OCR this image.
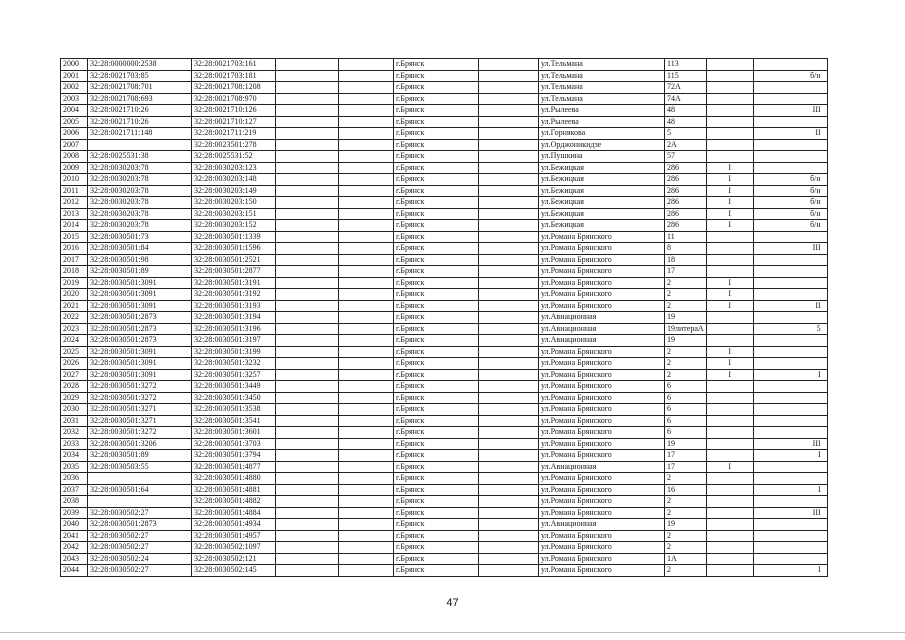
2000	32:28:0000000:2538	32:28:0021703:161			г.Брянск		ул.Тельмана	113		
2001	32:28:0021703:85	32:28:0021703:181			г.Брянск		ул.Тельмана	115		б/н
2002	32:28:0021708:701	32:28:0021708:1208			г.Брянск		ул.Тельмана	72А		
2003	32:28:0021708:693	32:28:0021708:970			г.Брянск		ул.Тельмана	74А		
2004	32:28:0021710:26	32:28:0021710:126			г.Брянск		ул.Рылеева	48		III
2005	32:28:0021710:26	32:28:0021710:127			г.Брянск		ул.Рылеева	48		
2006	32:28:0021711:148	32:28:0021711:219			г.Брянск		ул.Горнякова	5		II
2007		32:28:0023501:278			г.Брянск		ул.Орджоникидзе	2А		
2008	32:28:0025531:38	32:28:0025531:52			г.Брянск		ул.Пушкина	57		
2009	32:28:0030203:78	32:28:0030203:123			г.Брянск		ул.Бежицкая	286	I	
2010	32:28:0030203:78	32:28:0030203:148			г.Брянск		ул.Бежицкая	286	I	б/н
2011	32:28:0030203:78	32:28:0030203:149			г.Брянск		ул.Бежицкая	286	I	б/н
2012	32:28:0030203:78	32:28:0030203:150			г.Брянск		ул.Бежицкая	286	I	б/н
2013	32:28:0030203:78	32:28:0030203:151			г.Брянск		ул.Бежицкая	286	I	б/н
2014	32:28:0030203:78	32:28:0030203:152			г.Брянск		ул.Бежицкая	286	I	б/н
2015	32:28:0030501:73	32:28:0030501:1339			г.Брянск		ул.Романа Брянского	11		
2016	32:28:0030501:84	32:28:0030501:1596			г.Брянск		ул.Романа Брянского	8		III
2017	32:28:0030501:98	32:28:0030501:2521			г.Брянск		ул.Романа Брянского	18		
2018	32:28:0030501:89	32:28:0030501:2877			г.Брянск		ул.Романа Брянского	17		
2019	32:28:0030501:3091	32:28:0030501:3191			г.Брянск		ул.Романа Брянского	2	I	
2020	32:28:0030501:3091	32:28:0030501:3192			г.Брянск		ул.Романа Брянского	2	I	
2021	32:28:0030501:3091	32:28:0030501:3193			г.Брянск		ул.Романа Брянского	2	I	II
2022	32:28:0030501:2873	32:28:0030501:3194			г.Брянск		ул.Авиационная	19		
2023	32:28:0030501:2873	32:28:0030501:3196			г.Брянск		ул.Авиационная	19литераА		5
2024	32:28:0030501:2873	32:28:0030501:3197			г.Брянск		ул.Авиационная	19		
2025	32:28:0030501:3091	32:28:0030501:3199			г.Брянск		ул.Романа Брянского	2	I	
2026	32:28:0030501:3091	32:28:0030501:3232			г.Брянск		ул.Романа Брянского	2	I	
2027	32:28:0030501:3091	32:28:0030501:3257			г.Брянск		ул.Романа Брянского	2	I	I
2028	32:28:0030501:3272	32:28:0030501:3449			г.Брянск		ул.Романа Брянского	6		
2029	32:28:0030501:3272	32:28:0030501:3450			г.Брянск		ул.Романа Брянского	6		
2030	32:28:0030501:3271	32:28:0030501:3538			г.Брянск		ул.Романа Брянского	6		
2031	32:28:0030501:3271	32:28:0030501:3541			г.Брянск		ул.Романа Брянского	6		
2032	32:28:0030501:3272	32:28:0030501:3601			г.Брянск		ул.Романа Брянского	6		
2033	32:28:0030501:3206	32:28:0030501:3703			г.Брянск		ул.Романа Брянского	19		III
2034	32:28:0030501:89	32:28:0030501:3794			г.Брянск		ул.Романа Брянского	17		I
2035	32:28:0030503:55	32:28:0030501:4877			г.Брянск		ул.Авиационная	17	I	
2036		32:28:0030501:4880			г.Брянск		ул.Романа Брянского	2		
2037	32:28:0030501:64	32:28:0030501:4881			г.Брянск		ул.Романа Брянского	16		I
2038		32:28:0030501:4882			г.Брянск		ул.Романа Брянского	2		
2039	32:28:0030502:27	32:28:0030501:4884			г.Брянск		ул.Романа Брянского	2		III
2040	32:28:0030501:2873	32:28:0030501:4934			г.Брянск		ул.Авиационная	19		
2041	32:28:0030502:27	32:28:0030501:4957			г.Брянск		ул.Романа Брянского	2		
2042	32:28:0030502:27	32:28:0030502:1097			г.Брянск		ул.Романа Брянского	2		
2043	32:28:0030502:24	32:28:0030502:121			г.Брянск		ул.Романа Брянского	1А		
2044	32:28:0030502:27	32:28:0030502:145			г.Брянск		ул.Романа Брянского	2		I
47
